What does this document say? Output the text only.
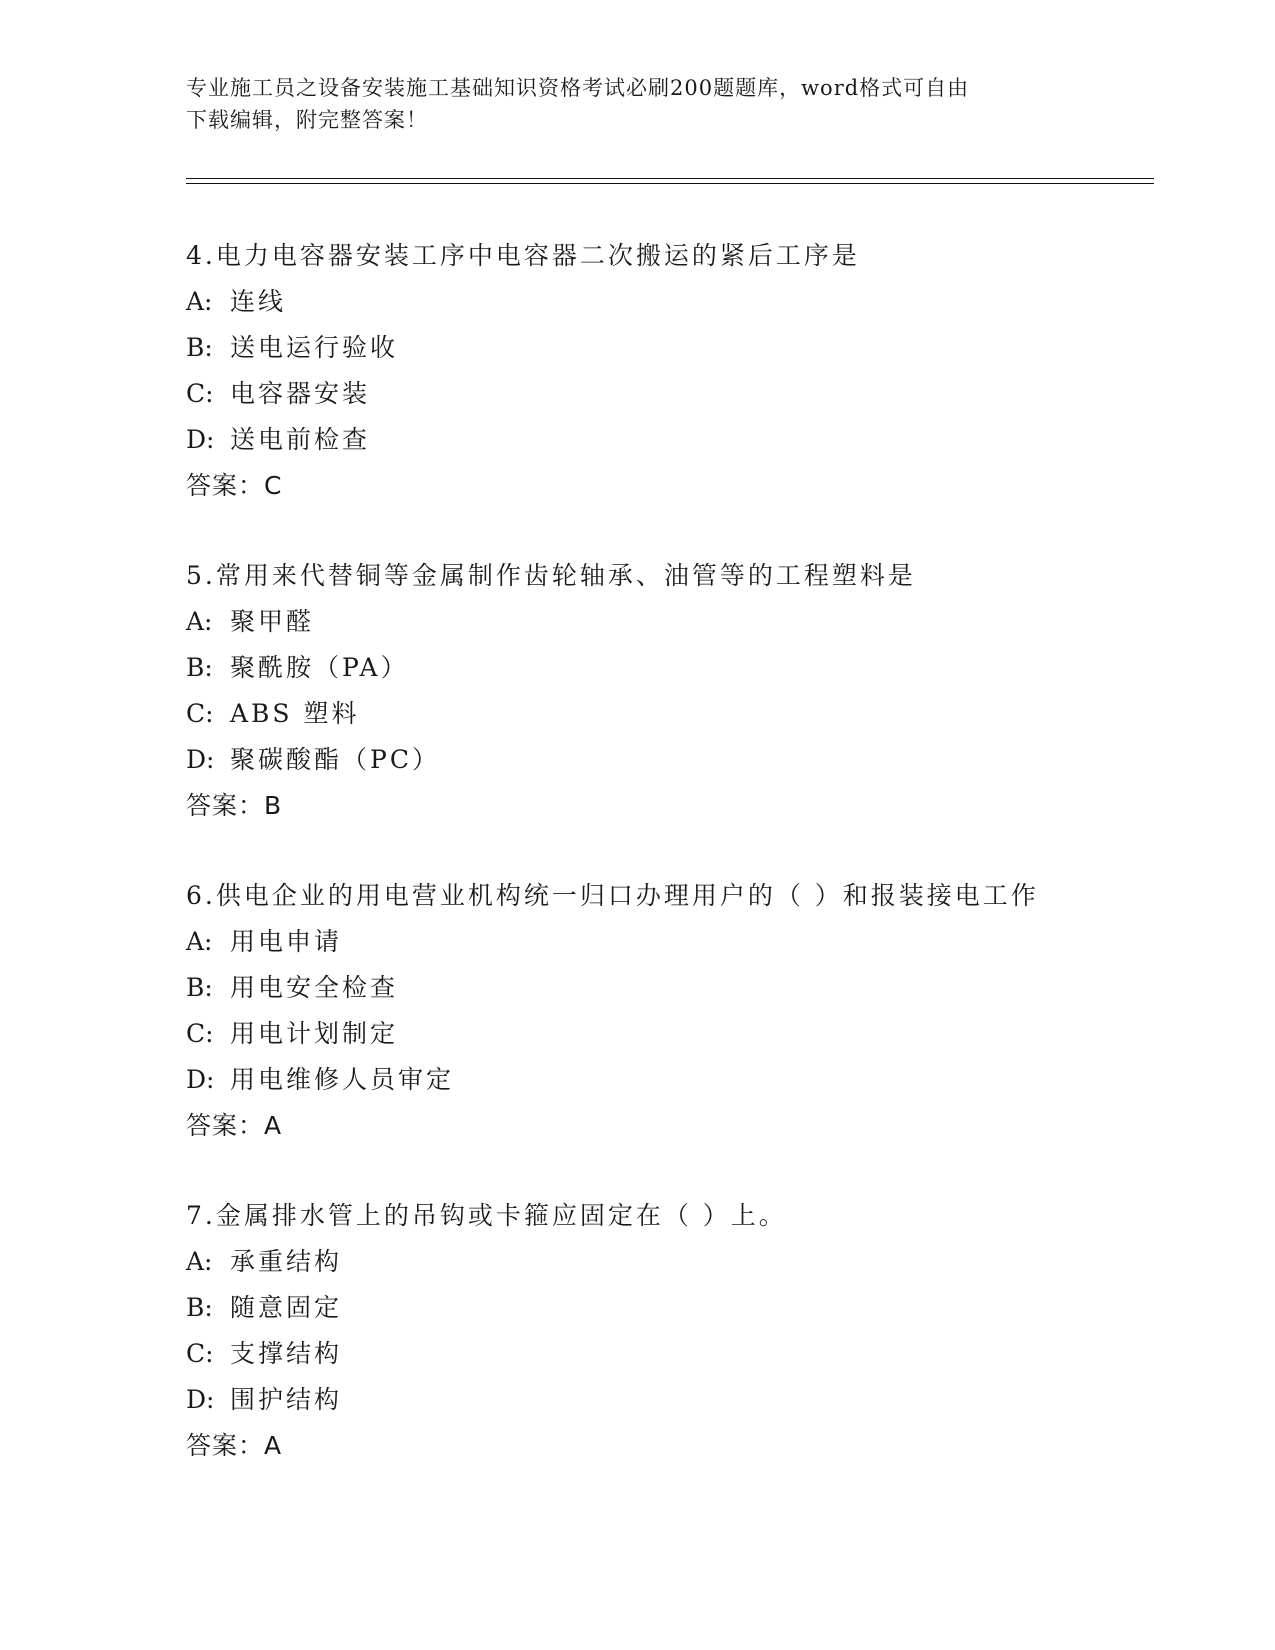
专业施工员之设备安装施工基础知识资格考试必刷200题题库，word格式可自由
下载编辑，附完整答案！
4.电力电容器安装工序中电容器二次搬运的紧后工序是
A: 连线
B: 送电运行验收
C: 电容器安装
D: 送电前检查
答案：C
5.常用来代替铜等金属制作齿轮轴承、油管等的工程塑料是
A: 聚甲醛
B: 聚酰胺（PA）
C: ABS 塑料
D: 聚碳酸酯（PC）
答案：B
6.供电企业的用电营业机构统一归口办理用户的（ ）和报装接电工作
A: 用电申请
B: 用电安全检查
C: 用电计划制定
D: 用电维修人员审定
答案：A
7.金属排水管上的吊钩或卡箍应固定在（ ）上。
A: 承重结构
B: 随意固定
C: 支撑结构
D: 围护结构
答案：A
